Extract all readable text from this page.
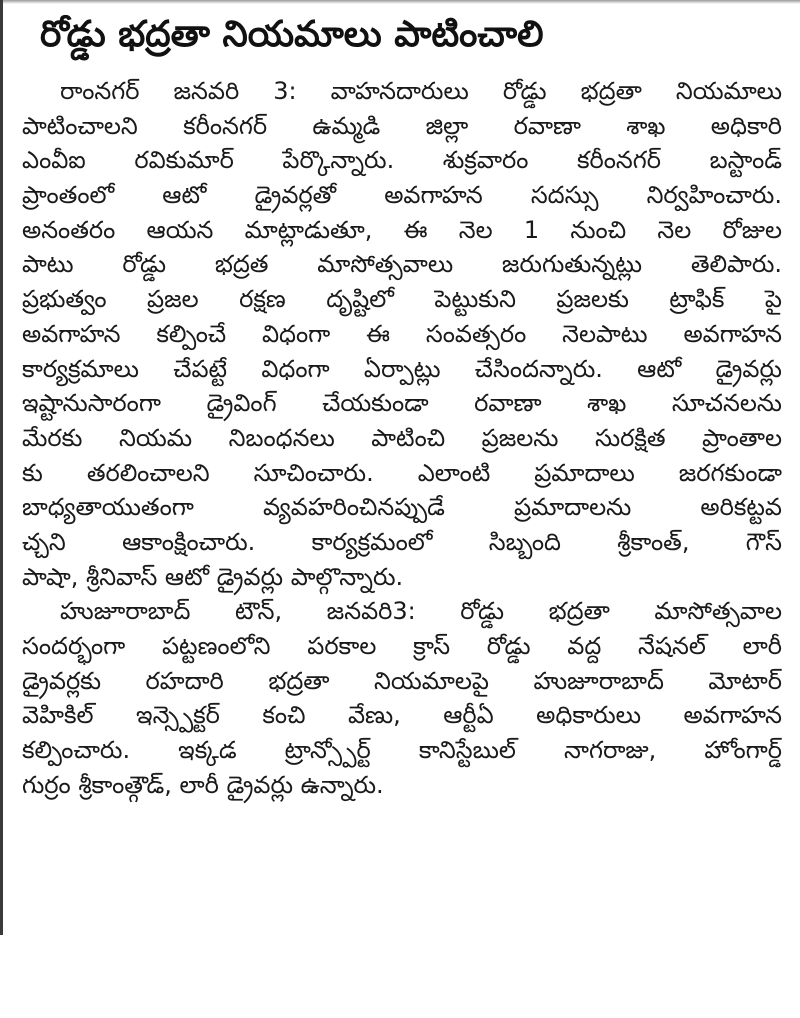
రోడ్డు భద్రతా నియమాలు పాటించాలి
రాంనగర్ జనవరి 3: వాహనదారులు రోడ్డు భద్రతా నియమాలు
పాటించాలని కరీంనగర్ ఉమ్మడి జిల్లా రవాణా శాఖ అధికారి
ఎంవీఐ రవికుమార్ పేర్కొన్నారు. శుక్రవారం కరీంనగర్ బస్టాండ్
ప్రాంతంలో ఆటో డ్రైవర్లతో అవగాహన సదస్సు నిర్వహించారు.
అనంతరం ఆయన మాట్లాడుతూ, ఈ నెల 1 నుంచి నెల రోజుల
పాటు రోడ్డు భద్రత మాసోత్సవాలు జరుగుతున్నట్లు తెలిపారు.
ప్రభుత్వం ప్రజల రక్షణ దృష్టిలో పెట్టుకుని ప్రజలకు ట్రాఫిక్ పై
అవగాహన కల్పించే విధంగా ఈ సంవత్సరం నెలపాటు అవగాహన
కార్యక్రమాలు చేపట్టే విధంగా ఏర్పాట్లు చేసిందన్నారు. ఆటో డ్రైవర్లు
ఇష్టానుసారంగా డ్రైవింగ్ చేయకుండా రవాణా శాఖ సూచనలను
మేరకు నియమ నిబంధనలు పాటించి ప్రజలను సురక్షిత ప్రాంతాల
కు తరలించాలని సూచించారు. ఎలాంటి ప్రమాదాలు జరగకుండా
బాధ్యతాయుతంగా వ్యవహరించినప్పుడే ప్రమాదాలను అరికట్టవ
చ్చని ఆకాంక్షించారు. కార్యక్రమంలో సిబ్బంది శ్రీకాంత్, గౌస్
పాషా, శ్రీనివాస్ ఆటో డ్రైవర్లు పాల్గొన్నారు.
హుజూరాబాద్ టౌన్, జనవరి3: రోడ్డు భద్రతా మాసోత్సవాల
సందర్భంగా పట్టణంలోని పరకాల క్రాస్ రోడ్డు వద్ద నేషనల్ లారీ
డ్రైవర్లకు రహదారి భద్రతా నియమాలపై హుజూరాబాద్ మోటార్
వెహికిల్ ఇన్స్పెక్టర్ కంచి వేణు, ఆర్టీఏ అధికారులు అవగాహన
కల్పించారు. ఇక్కడ ట్రాన్స్పోర్ట్ కానిస్టేబుల్ నాగరాజు, హోంగార్డ్
గుర్రం శ్రీకాంత్గౌడ్, లారీ డ్రైవర్లు ఉన్నారు.
